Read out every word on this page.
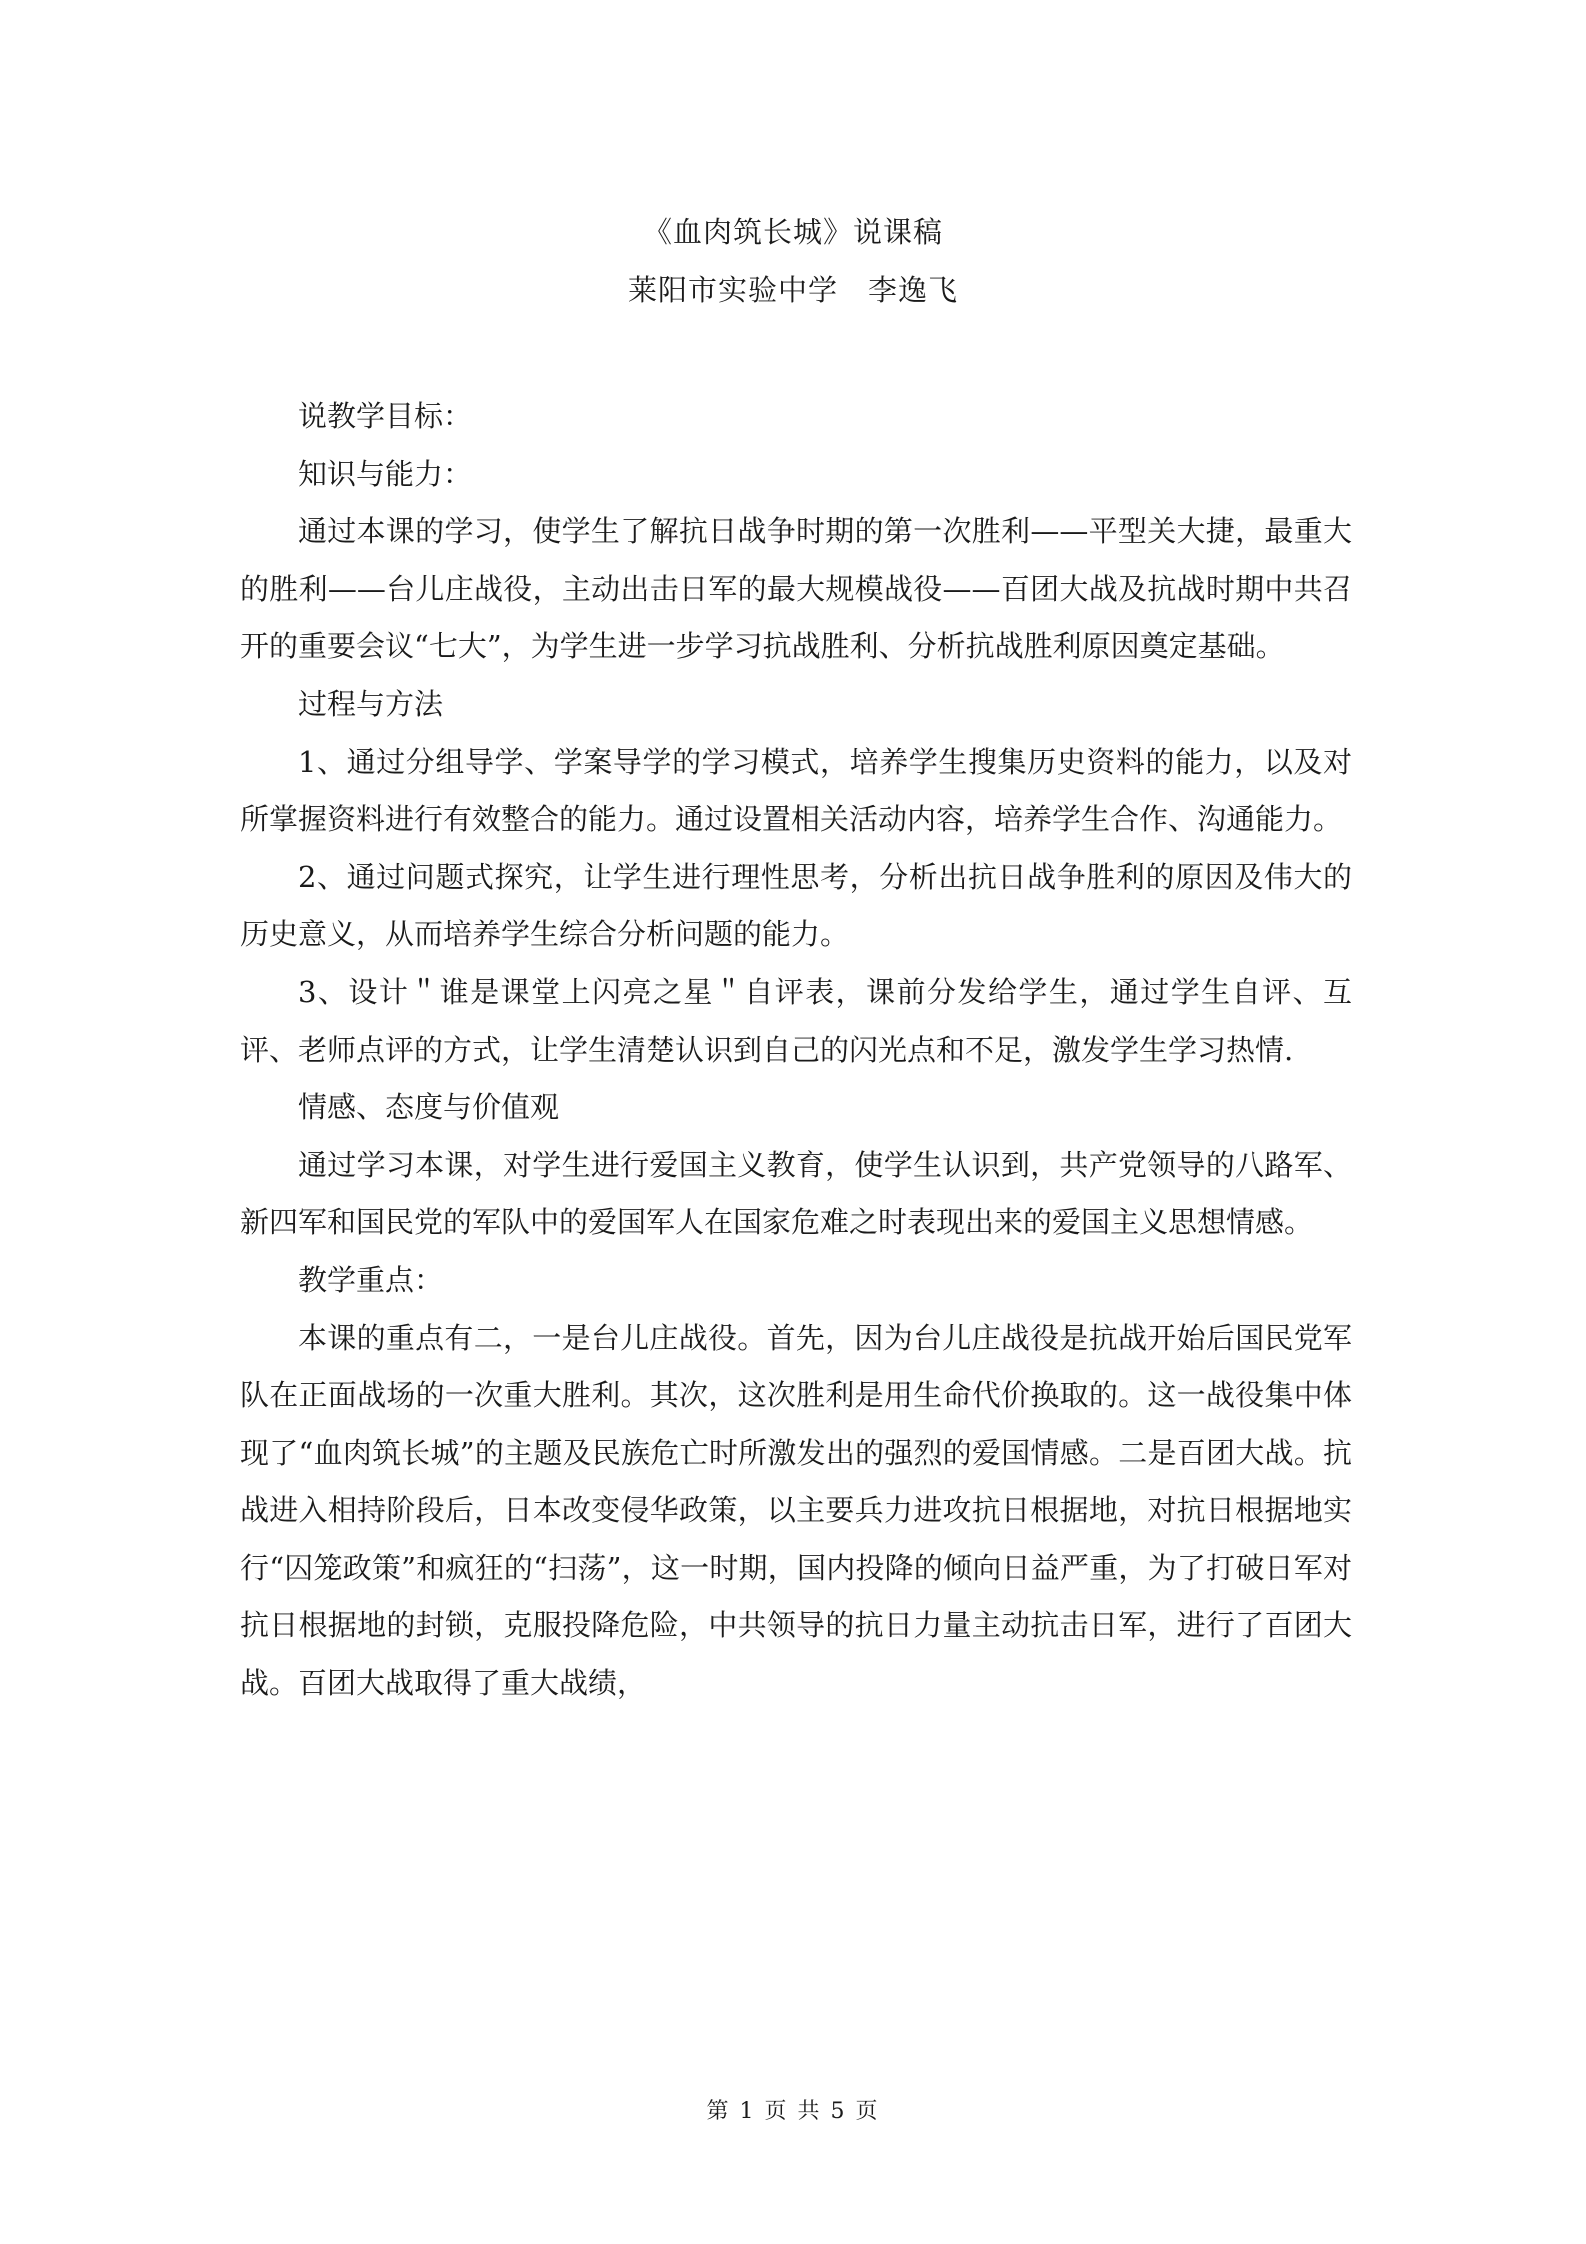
《血肉筑长城》说课稿
莱阳市实验中学　李逸飞

说教学目标：

知识与能力：

通过本课的学习，使学生了解抗日战争时期的第一次胜利——平型关大捷，最重大的胜利——台儿庄战役，主动出击日军的最大规模战役——百团大战及抗战时期中共召开的重要会议“七大”，为学生进一步学习抗战胜利、分析抗战胜利原因奠定基础。

过程与方法

1、通过分组导学、学案导学的学习模式，培养学生搜集历史资料的能力，以及对所掌握资料进行有效整合的能力。通过设置相关活动内容，培养学生合作、沟通能力。

2、通过问题式探究，让学生进行理性思考，分析出抗日战争胜利的原因及伟大的历史意义，从而培养学生综合分析问题的能力。

3、设计＂谁是课堂上闪亮之星＂自评表，课前分发给学生，通过学生自评、互评、老师点评的方式，让学生清楚认识到自己的闪光点和不足，激发学生学习热情.

情感、态度与价值观

通过学习本课，对学生进行爱国主义教育，使学生认识到，共产党领导的八路军、新四军和国民党的军队中的爱国军人在国家危难之时表现出来的爱国主义思想情感。

教学重点：

本课的重点有二，一是台儿庄战役。首先，因为台儿庄战役是抗战开始后国民党军队在正面战场的一次重大胜利。其次，这次胜利是用生命代价换取的。这一战役集中体现了“血肉筑长城”的主题及民族危亡时所激发出的强烈的爱国情感。二是百团大战。抗战进入相持阶段后，日本改变侵华政策，以主要兵力进攻抗日根据地，对抗日根据地实行“囚笼政策”和疯狂的“扫荡”，这一时期，国内投降的倾向日益严重，为了打破日军对抗日根据地的封锁，克服投降危险，中共领导的抗日力量主动抗击日军，进行了百团大战。百团大战取得了重大战绩，

第 1 页 共 5 页
